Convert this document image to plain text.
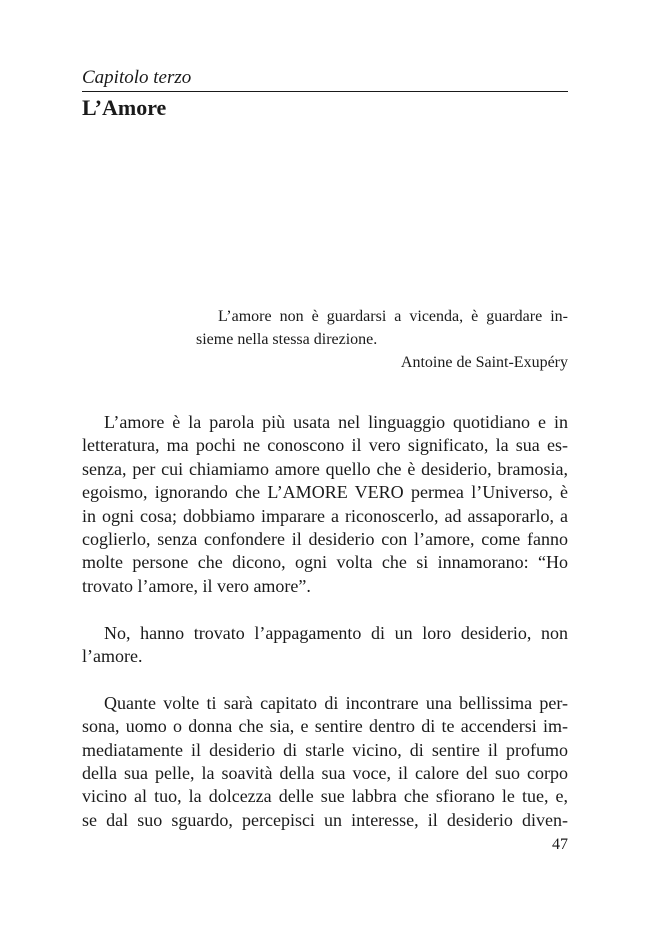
Capitolo terzo
L’Amore
L’amore non è guardarsi a vicenda, è guardare in-
sieme nella stessa direzione.
Antoine de Saint-Exupéry
L’amore è la parola più usata nel linguaggio quotidiano e in
letteratura, ma pochi ne conoscono il vero significato, la sua es-
senza, per cui chiamiamo amore quello che è desiderio, bramosia,
egoismo, ignorando che L’AMORE VERO permea l’Universo, è
in ogni cosa; dobbiamo imparare a riconoscerlo, ad assaporarlo, a
coglierlo, senza confondere il desiderio con l’amore, come fanno
molte persone che dicono, ogni volta che si innamorano: “Ho
trovato l’amore, il vero amore”.
No, hanno trovato l’appagamento di un loro desiderio, non
l’amore.
Quante volte ti sarà capitato di incontrare una bellissima per-
sona, uomo o donna che sia, e sentire dentro di te accendersi im-
mediatamente il desiderio di starle vicino, di sentire il profumo
della sua pelle, la soavità della sua voce, il calore del suo corpo
vicino al tuo, la dolcezza delle sue labbra che sfiorano le tue, e,
se dal suo sguardo, percepisci un interesse, il desiderio diven-
47
